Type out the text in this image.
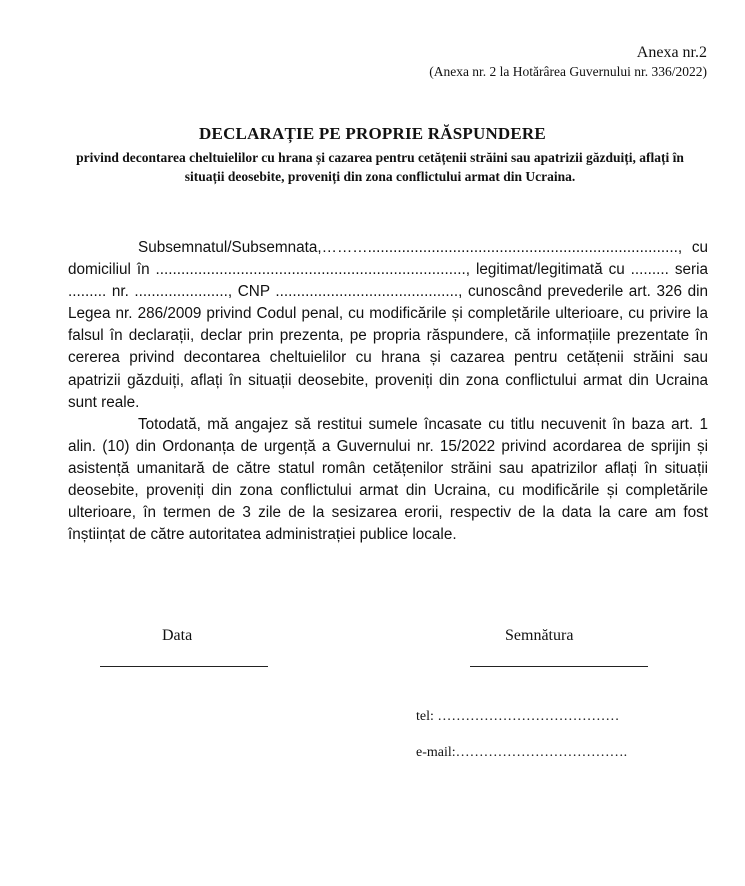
Anexa nr.2
(Anexa nr. 2 la Hotărârea Guvernului nr. 336/2022)
DECLARAȚIE PE PROPRIE RĂSPUNDERE
privind decontarea cheltuielilor cu hrana și cazarea pentru cetățenii străini sau apatrizii găzduiți, aflați în situații deosebite, proveniți din zona conflictului armat din Ucraina.

Subsemnatul/Subsemnata,………........................................................................., cu domiciliul în ........................................................................., legitimat/legitimată cu ......... seria ......... nr. ......................, CNP ..........................................., cunoscând prevederile art. 326 din Legea nr. 286/2009 privind Codul penal, cu modificările și completările ulterioare, cu privire la falsul în declarații, declar prin prezenta, pe propria răspundere, că informațiile prezentate în cererea privind decontarea cheltuielilor cu hrana și cazarea pentru cetățenii străini sau apatrizii găzduiți, aflați în situații deosebite, proveniți din zona conflictului armat din Ucraina sunt reale.

Totodată, mă angajez să restitui sumele încasate cu titlu necuvenit în baza art. 1 alin. (10) din Ordonanța de urgență a Guvernului nr. 15/2022 privind acordarea de sprijin și asistență umanitară de către statul român cetățenilor străini sau apatrizilor aflați în situații deosebite, proveniți din zona conflictului armat din Ucraina, cu modificările și completările ulterioare, în termen de 3 zile de la sesizarea erorii, respectiv de la data la care am fost înștiințat de către autoritatea administrației publice locale.

Data	Semnătura
tel: …………………………………
e-mail:……………………………….
